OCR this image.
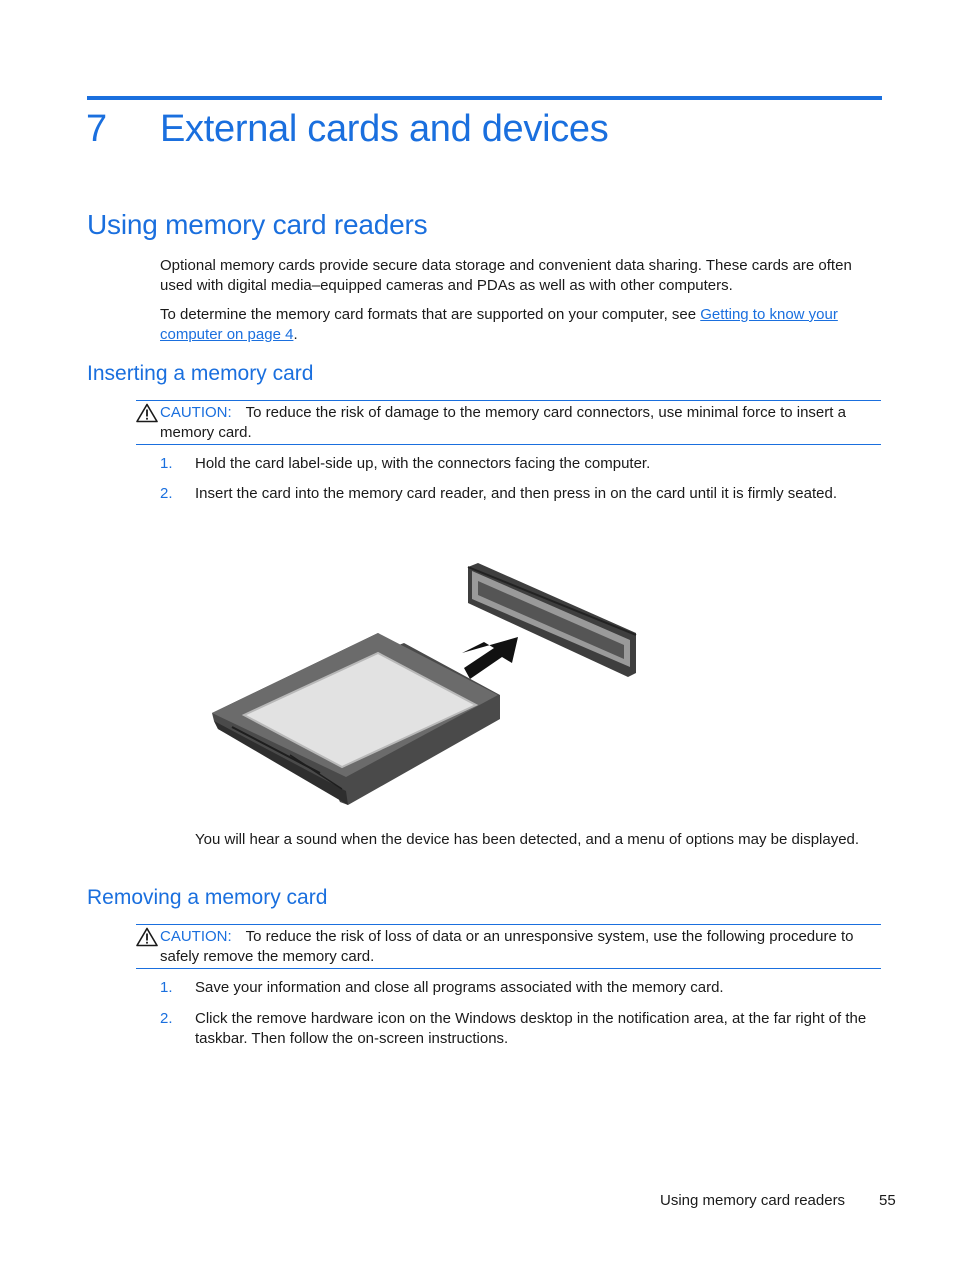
7 External cards and devices
Using memory card readers
Optional memory cards provide secure data storage and convenient data sharing. These cards are often used with digital media–equipped cameras and PDAs as well as with other computers.
To determine the memory card formats that are supported on your computer, see Getting to know your computer on page 4.
Inserting a memory card
CAUTION: To reduce the risk of damage to the memory card connectors, use minimal force to insert a memory card.
1. Hold the card label-side up, with the connectors facing the computer.
2. Insert the card into the memory card reader, and then press in on the card until it is firmly seated.
You will hear a sound when the device has been detected, and a menu of options may be displayed.
Removing a memory card
CAUTION: To reduce the risk of loss of data or an unresponsive system, use the following procedure to safely remove the memory card.
1. Save your information and close all programs associated with the memory card.
2. Click the remove hardware icon on the Windows desktop in the notification area, at the far right of the taskbar. Then follow the on-screen instructions.
Using memory card readers 55
